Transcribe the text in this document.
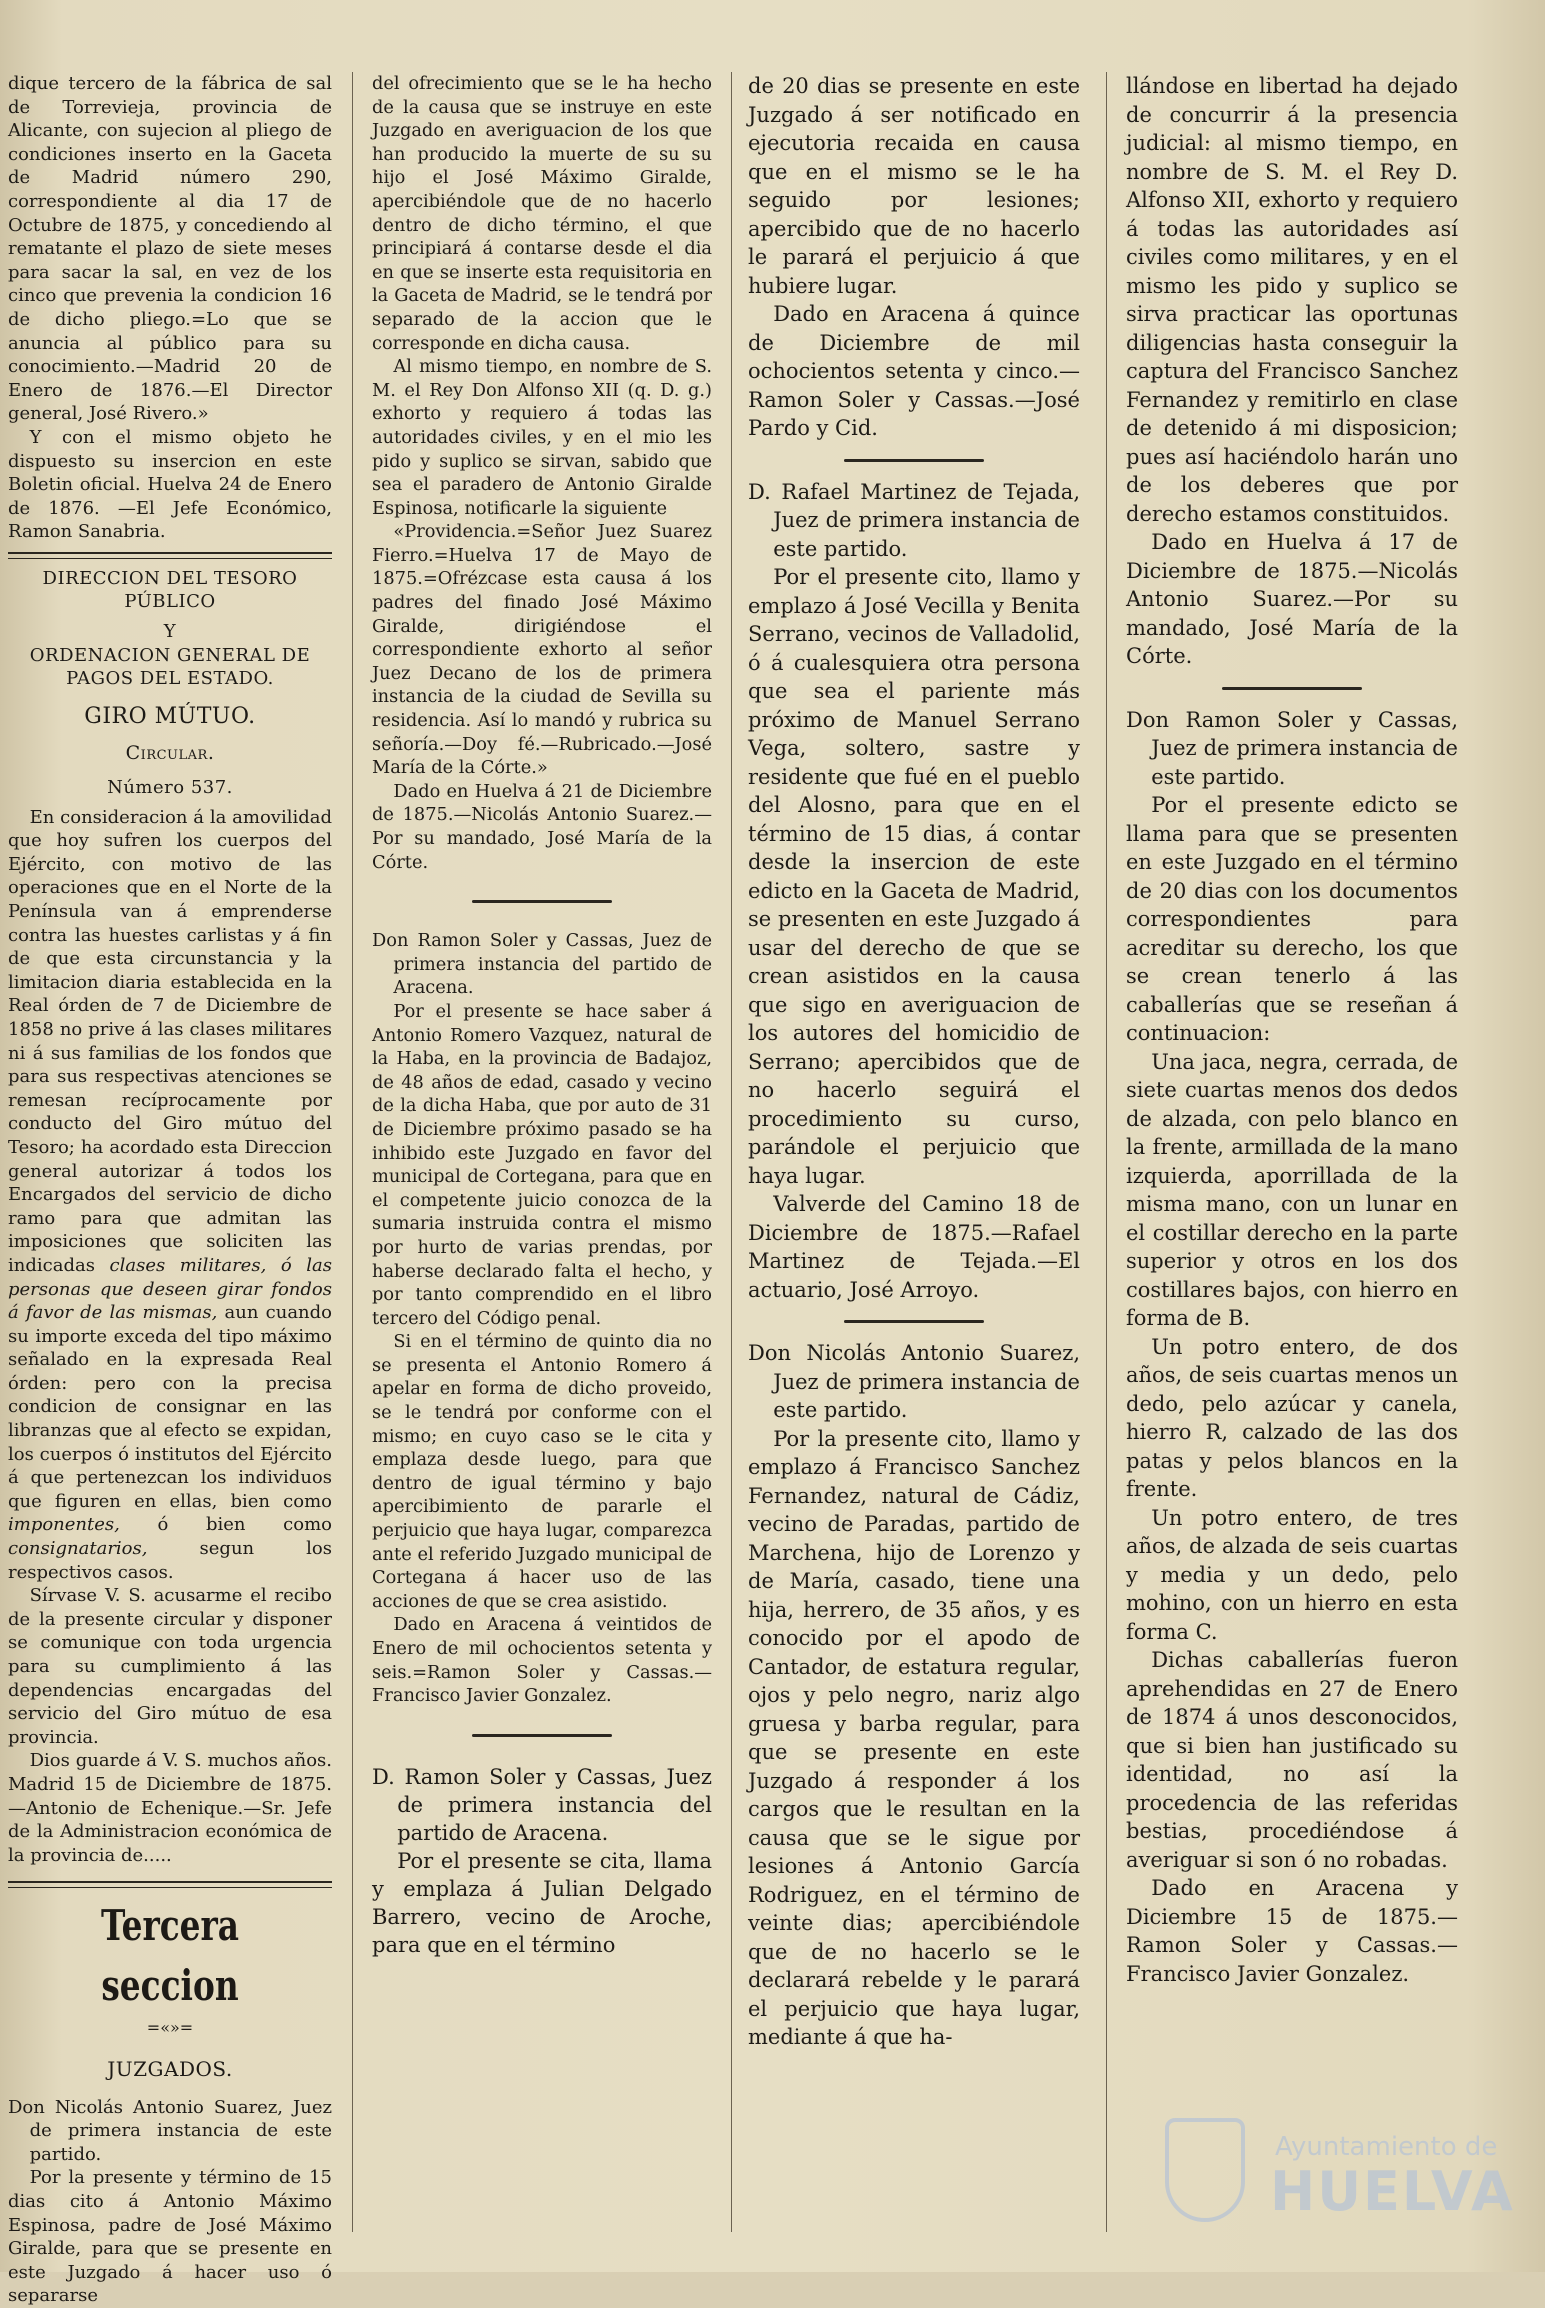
dique tercero de la fábrica de sal de Torrevieja, provincia de Alicante, con sujecion al pliego de condiciones inserto en la Gaceta de Madrid número 290, correspondiente al dia 17 de Octubre de 1875, y concediendo al rematante el plazo de siete meses para sacar la sal, en vez de los cinco que prevenia la condicion 16 de dicho pliego.=Lo que se anuncia al público para su conocimiento.—Madrid 20 de Enero de 1876.—El Director general, José Rivero.»

Y con el mismo objeto he dispuesto su insercion en este Boletin oficial. Huelva 24 de Enero de 1876. —El Jefe Económico, Ramon Sanabria.

DIRECCION DEL TESORO PÚBLICO

Y

ORDENACION GENERAL DE PAGOS DEL ESTADO.

GIRO MÚTUO.

Circular.

Número 537.

En consideracion á la amovilidad que hoy sufren los cuerpos del Ejército, con motivo de las operaciones que en el Norte de la Península van á emprenderse contra las huestes carlistas y á fin de que esta circunstancia y la limitacion diaria establecida en la Real órden de 7 de Diciembre de 1858 no prive á las clases militares ni á sus familias de los fondos que para sus respectivas atenciones se remesan recíprocamente por conducto del Giro mútuo del Tesoro; ha acordado esta Direccion general autorizar á todos los Encargados del servicio de dicho ramo para que admitan las imposiciones que soliciten las indicadas clases militares, ó las personas que deseen girar fondos á favor de las mismas, aun cuando su importe exceda del tipo máximo señalado en la expresada Real órden: pero con la precisa condicion de consignar en las libranzas que al efecto se expidan, los cuerpos ó institutos del Ejército á que pertenezcan los individuos que figuren en ellas, bien como imponentes, ó bien como consignatarios,	segun los respectivos casos.

Sírvase V. S. acusarme el recibo de la presente circular y disponer se comunique con toda urgencia para su cumplimiento á las dependencias encargadas del servicio del Giro mútuo de esa provincia.

Dios guarde á V. S. muchos años. Madrid 15 de Diciembre de 1875.—Antonio de Echenique.—Sr. Jefe de la Administracion económica de la provincia de.....

Tercera seccion
=«»=

JUZGADOS.

Don Nicolás Antonio Suarez, Juez de primera instancia de este partido.

Por la presente y término de 15 dias cito á Antonio Máximo Espinosa, padre de José Máximo Giralde, para que se presente en este Juzgado á hacer uso ó separarse

del ofrecimiento que se le ha hecho de la causa que se instruye en este Juzgado en averiguacion de los que han producido la muerte de su su hijo el José Máximo Giralde, apercibiéndole que de no hacerlo dentro de dicho término, el que principiará á contarse desde el dia en que se inserte esta requisitoria en la Gaceta de Madrid, se le tendrá por separado de la accion que le corresponde en dicha causa.

Al mismo tiempo, en nombre de S. M. el Rey Don Alfonso XII (q. D. g.) exhorto y requiero á todas las autoridades civiles, y en el mio les pido y suplico se sirvan, sabido que sea el paradero de Antonio Giralde Espinosa, notificarle la siguiente

«Providencia.=Señor Juez Suarez Fierro.=Huelva 17 de Mayo de 1875.=Ofrézcase esta causa á los padres del finado José Máximo Giralde, dirigiéndose el correspondiente exhorto al señor Juez Decano de los de primera instancia de la ciudad de Sevilla su residencia. Así lo mandó y rubrica su señoría.—Doy fé.—Rubricado.—José María de la Córte.»

Dado en Huelva á 21 de Diciembre de 1875.—Nicolás Antonio Suarez.—Por su mandado, José María de la Córte.

Don Ramon Soler y Cassas, Juez de primera instancia del partido de Aracena.

Por el presente se hace saber á Antonio Romero Vazquez, natural de la Haba, en la provincia de Badajoz, de 48 años de edad, casado y vecino de la dicha Haba, que por auto de 31 de Diciembre próximo pasado se ha inhibido este Juzgado en favor del municipal de Cortegana, para que en el competente juicio conozca de la sumaria instruida contra el mismo por hurto de varias prendas, por haberse declarado falta el hecho, y por tanto comprendido en el libro tercero del Código penal.

Si en el término de quinto dia no se presenta el Antonio Romero á apelar en forma de dicho proveido, se le tendrá por conforme con el mismo; en cuyo caso se le cita y emplaza desde luego, para que dentro de igual término y bajo apercibimiento de pararle el perjuicio que haya lugar, comparezca ante el referido Juzgado municipal de Cortegana á hacer uso de las acciones de que se crea asistido.

Dado en Aracena á veintidos de Enero de mil ochocientos setenta y seis.=Ramon Soler y Cassas.—Francisco Javier Gonzalez.

D. Ramon Soler y Cassas, Juez de primera instancia del partido de Aracena.

Por el presente se cita, llama y emplaza á Julian Delgado Barrero, vecino de Aroche, para que en el término

de 20 dias se presente en este Juzgado á ser notificado en ejecutoria recaida en causa que en el mismo se le ha seguido por lesiones; apercibido que de no hacerlo le parará el perjuicio á que hubiere lugar.

Dado en Aracena á quince de Diciembre de mil ochocientos setenta y cinco.—Ramon Soler y Cassas.—José Pardo y Cid.

D. Rafael Martinez de Tejada, Juez de primera instancia de este partido.

Por el presente cito, llamo y emplazo á José Vecilla y Benita Serrano, vecinos de Valladolid, ó á cualesquiera otra persona que sea el pariente más próximo de Manuel Serrano Vega, soltero, sastre y residente que fué en el pueblo del Alosno, para que en el término de 15 dias, á contar desde la insercion de este edicto en la Gaceta de Madrid, se presenten en este Juzgado á usar del derecho de que se crean asistidos en la causa que sigo en averiguacion de los autores del homicidio de Serrano; apercibidos que de no hacerlo seguirá el procedimiento su curso, parándole el perjuicio que haya lugar.

Valverde del Camino 18 de Diciembre de 1875.—Rafael Martinez de Tejada.—El actuario, José Arroyo.

Don Nicolás Antonio Suarez, Juez de primera instancia de este partido.

Por la presente cito, llamo y emplazo á Francisco Sanchez Fernandez, natural de Cádiz, vecino de Paradas, partido de Marchena, hijo de Lorenzo y de María, casado, tiene una hija, herrero, de 35 años, y es conocido por el apodo de Cantador, de estatura regular, ojos y pelo negro, nariz algo gruesa y barba regular, para que se presente en este Juzgado á responder á los cargos que le resultan en la causa que se le sigue por lesiones á Antonio García Rodriguez, en el término de veinte dias; apercibiéndole que de no hacerlo se le declarará rebelde y le parará el perjuicio que haya lugar, mediante á que ha-

llándose en libertad ha dejado de concurrir á la presencia judicial: al mismo tiempo, en nombre de S. M. el Rey D. Alfonso XII, exhorto y requiero á todas las autoridades así civiles como militares, y en el mismo les pido y suplico se sirva practicar las oportunas diligencias hasta conseguir la captura del Francisco Sanchez Fernandez y remitirlo en clase de detenido á mi disposicion; pues así haciéndolo harán uno de los deberes que por derecho estamos constituidos.

Dado en Huelva á 17 de Diciembre de 1875.—Nicolás Antonio Suarez.—Por su mandado, José María de la Córte.

Don Ramon Soler y Cassas, Juez de primera instancia de este partido.

Por el presente edicto se llama para que se presenten en este Juzgado en el término de 20 dias con los documentos correspondientes para acreditar su derecho, los que se crean tenerlo á las caballerías que se reseñan á continuacion:

Una jaca, negra, cerrada, de siete cuartas menos dos dedos de alzada, con pelo blanco en la frente, armillada de la mano izquierda, aporrillada de la misma mano, con un lunar en el costillar derecho en la parte superior y otros en los dos costillares bajos, con hierro en forma de B.

Un potro entero, de dos años, de seis cuartas menos un dedo, pelo azúcar y canela, hierro R, calzado de las dos patas y pelos blancos en la frente.

Un potro entero, de tres años, de alzada de seis cuartas y media y un dedo, pelo mohino, con un hierro en esta forma C.

Dichas caballerías fueron aprehendidas en 27 de Enero de 1874 á unos desconocidos, que si bien han justificado su identidad, no así la procedencia de las referidas bestias, procediéndose á averiguar si son ó no robadas.

Dado en Aracena y Diciembre 15 de 1875.—Ramon Soler y Cassas.—Francisco Javier Gonzalez.

Ayuntamiento de
HUELVA
